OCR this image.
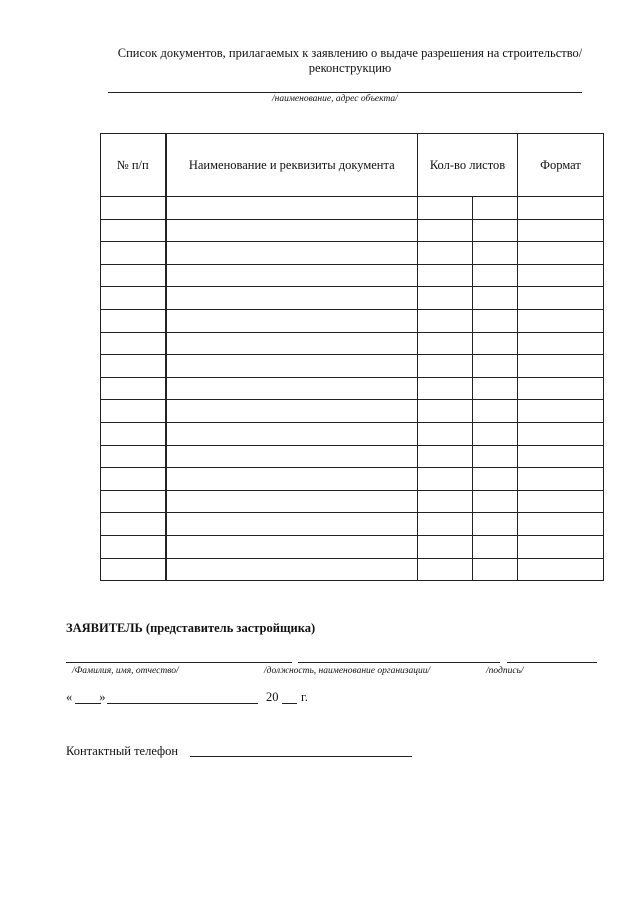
Список документов, прилагаемых к заявлению о выдаче разрешения на строительство/
реконструкцию
/наименование, адрес объекта/
№ п/п	Наименование и реквизиты документа	Кол-во листов		Формат

ЗАЯВИТЕЛЬ (представитель застройщика)
/Фамилия, имя, отчество/	/должность, наименование организации/	/подпись/
« »	20 г.
Контактный телефон
